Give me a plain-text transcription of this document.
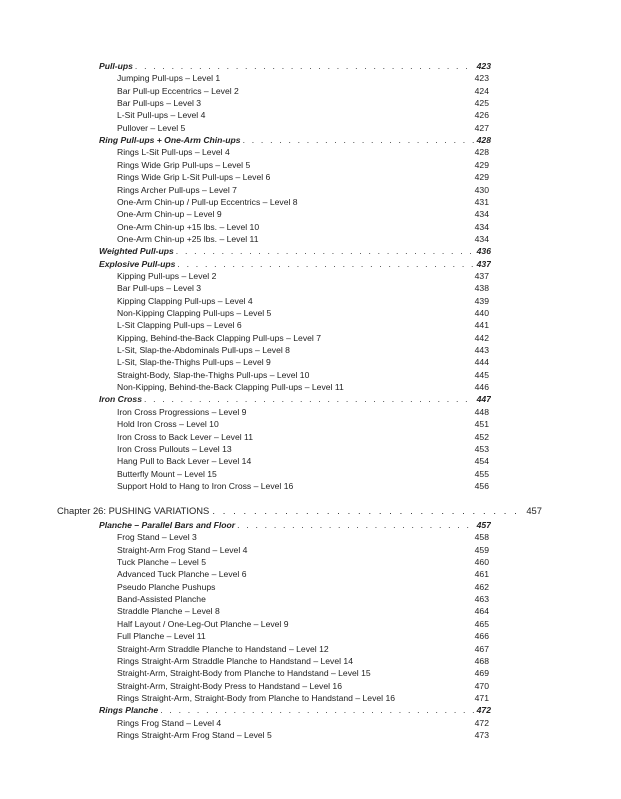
Pull-ups . . .	423
Jumping Pull-ups – Level 1	423
Bar Pull-up Eccentrics – Level 2	424
Bar Pull-ups – Level 3	425
L-Sit Pull-ups – Level 4	426
Pullover – Level 5	427
Ring Pull-ups + One-Arm Chin-ups . . .	428
Rings L-Sit Pull-ups – Level 4	428
Rings Wide Grip Pull-ups – Level 5	429
Rings Wide Grip L-Sit Pull-ups – Level 6	429
Rings Archer Pull-ups – Level 7	430
One-Arm Chin-up / Pull-up Eccentrics – Level 8	431
One-Arm Chin-up – Level 9	434
One-Arm Chin-up +15 lbs. – Level 10	434
One-Arm Chin-up +25 lbs. – Level 11	434
Weighted Pull-ups . . .	436
Explosive Pull-ups . . .	437
Kipping Pull-ups – Level 2	437
Bar Pull-ups – Level 3	438
Kipping Clapping Pull-ups – Level 4	439
Non-Kipping Clapping Pull-ups – Level 5	440
L-Sit Clapping Pull-ups – Level 6	441
Kipping, Behind-the-Back Clapping Pull-ups – Level 7	442
L-Sit, Slap-the-Abdominals Pull-ups – Level 8	443
L-Sit, Slap-the-Thighs Pull-ups – Level 9	444
Straight-Body, Slap-the-Thighs Pull-ups – Level 10	445
Non-Kipping, Behind-the-Back Clapping Pull-ups – Level 11	446
Iron Cross . . .	447
Iron Cross Progressions – Level 9	448
Hold Iron Cross – Level 10	451
Iron Cross to Back Lever – Level 11	452
Iron Cross Pullouts – Level 13	453
Hang Pull to Back Lever – Level 14	454
Butterfly Mount – Level 15	455
Support Hold to Hang to Iron Cross – Level 16	456
Chapter 26: PUSHING VARIATIONS . . .	457
Planche – Parallel Bars and Floor . . .	457
Frog Stand – Level 3	458
Straight-Arm Frog Stand – Level 4	459
Tuck Planche – Level 5	460
Advanced Tuck Planche – Level 6	461
Pseudo Planche Pushups	462
Band-Assisted Planche	463
Straddle Planche – Level 8	464
Half Layout / One-Leg-Out Planche – Level 9	465
Full Planche – Level 11	466
Straight-Arm Straddle Planche to Handstand – Level 12	467
Rings Straight-Arm Straddle Planche to Handstand – Level 14	468
Straight-Arm, Straight-Body from Planche to Handstand – Level 15	469
Straight-Arm, Straight-Body Press to Handstand – Level 16	470
Rings Straight-Arm, Straight-Body from Planche to Handstand – Level 16	471
Rings Planche . . .	472
Rings Frog Stand – Level 4	472
Rings Straight-Arm Frog Stand – Level 5	473
